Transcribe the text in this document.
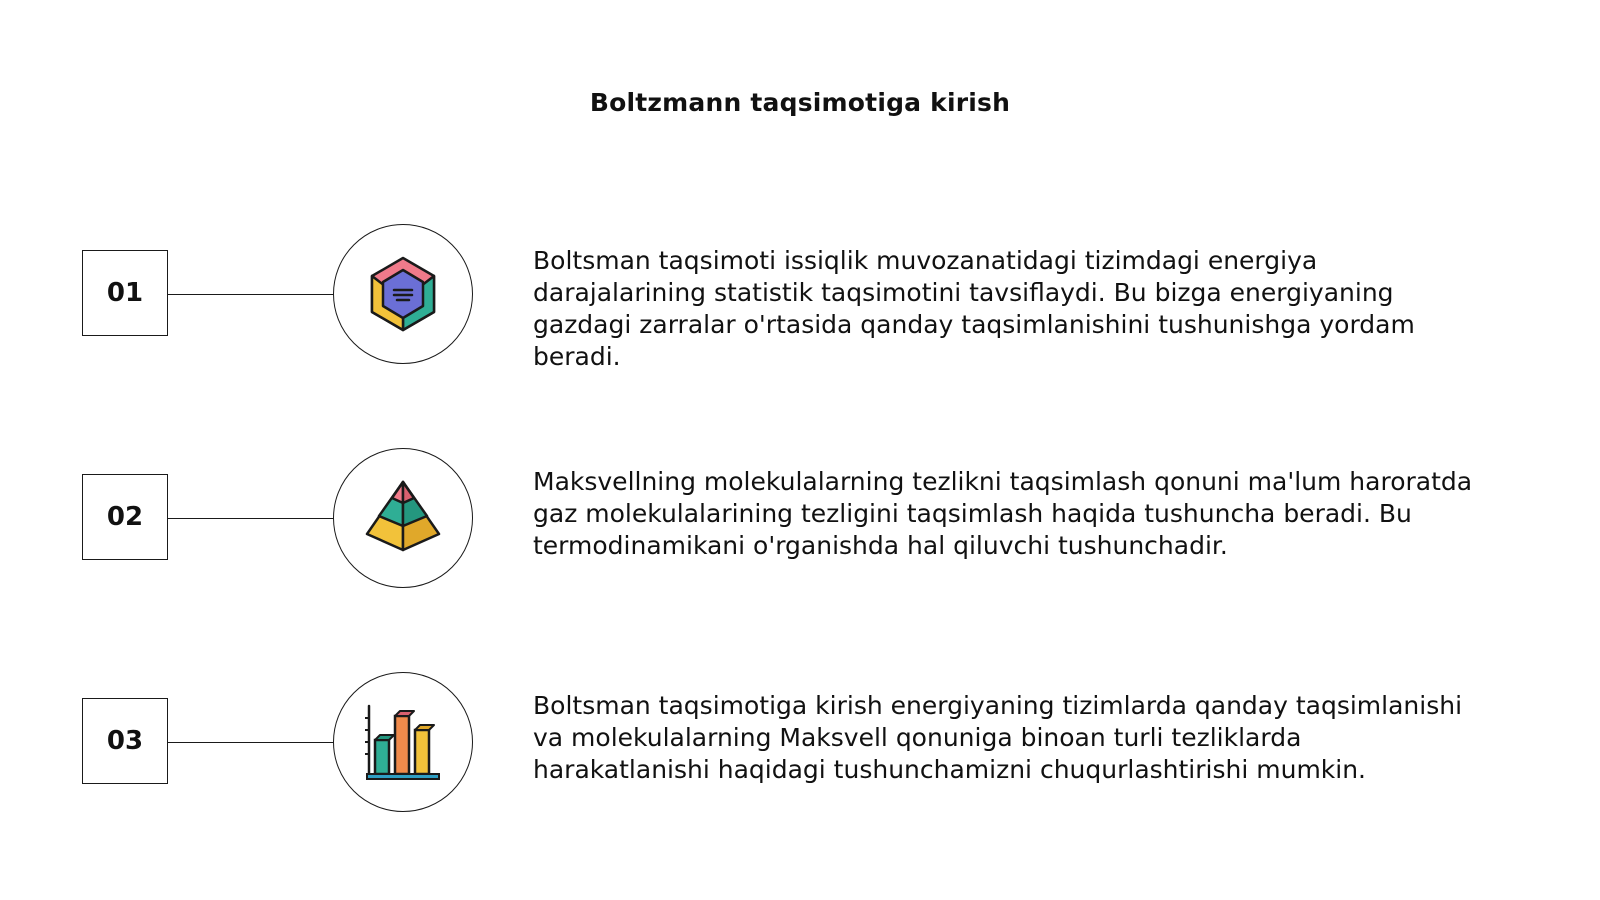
Boltzmann taqsimotiga kirish
01
Boltsman taqsimoti issiqlik muvozanatidagi tizimdagi energiya darajalarining statistik taqsimotini tavsiflaydi. Bu bizga energiyaning gazdagi zarralar o'rtasida qanday taqsimlanishini tushunishga yordam beradi.
02
Maksvellning molekulalarning tezlikni taqsimlash qonuni ma'lum haroratda gaz molekulalarining tezligini taqsimlash haqida tushuncha beradi. Bu termodinamikani o'rganishda hal qiluvchi tushunchadir.
03
Boltsman taqsimotiga kirish energiyaning tizimlarda qanday taqsimlanishi va molekulalarning Maksvell qonuniga binoan turli tezliklarda harakatlanishi haqidagi tushunchamizni chuqurlashtirishi mumkin.
